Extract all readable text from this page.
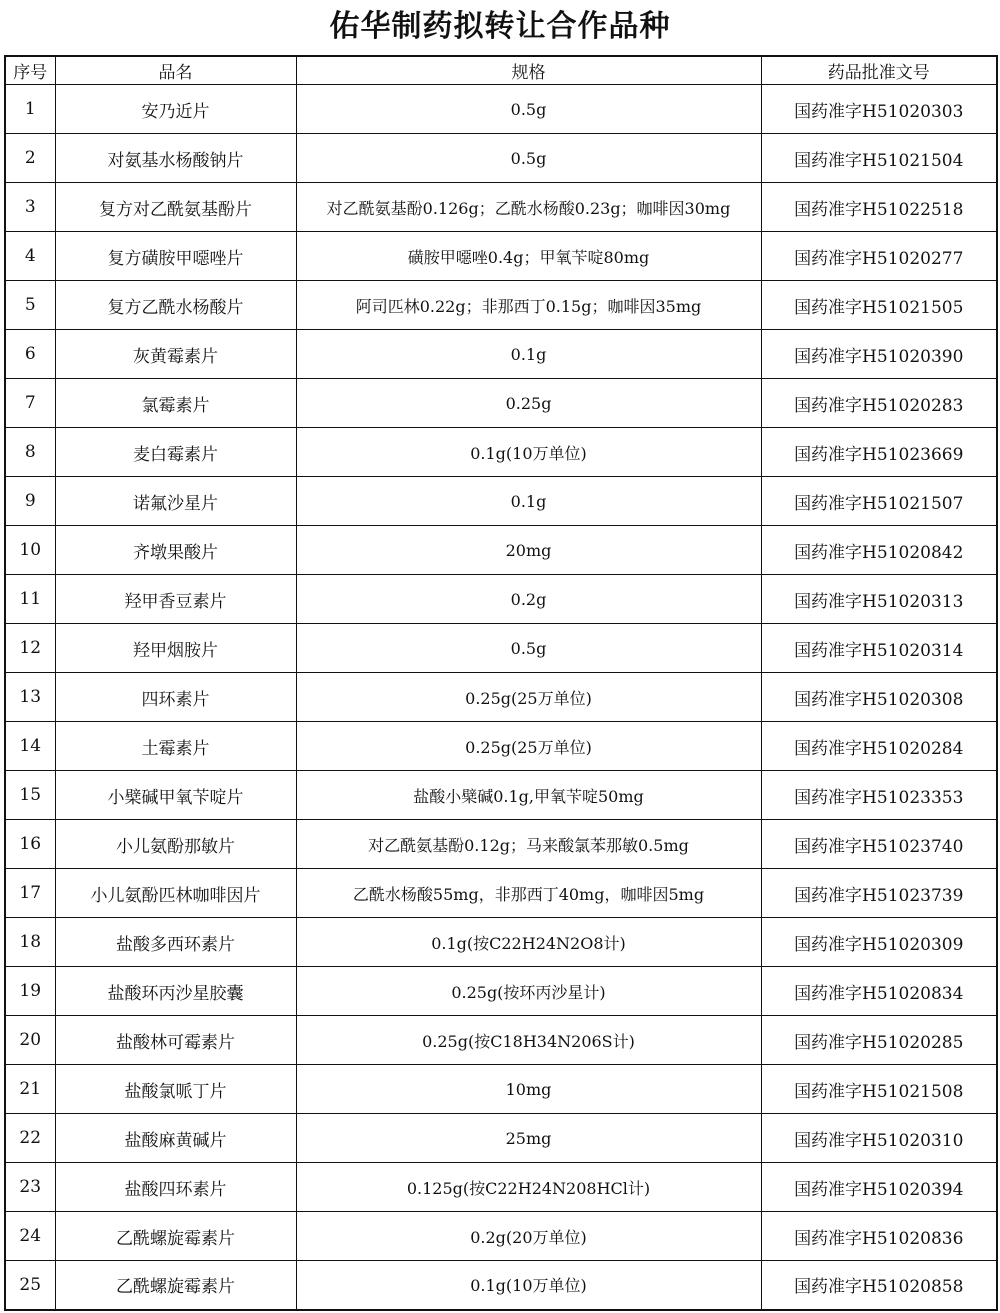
佑华制药拟转让合作品种
序号	品名	规格	药品批准文号
1	安乃近片	0.5g	国药准字H51020303
2	对氨基水杨酸钠片	0.5g	国药准字H51021504
3	复方对乙酰氨基酚片	对乙酰氨基酚0.126g；乙酰水杨酸0.23g；咖啡因30mg	国药准字H51022518
4	复方磺胺甲噁唑片	磺胺甲噁唑0.4g；甲氧苄啶80mg	国药准字H51020277
5	复方乙酰水杨酸片	阿司匹林0.22g；非那西丁0.15g；咖啡因35mg	国药准字H51021505
6	灰黄霉素片	0.1g	国药准字H51020390
7	氯霉素片	0.25g	国药准字H51020283
8	麦白霉素片	0.1g(10万单位)	国药准字H51023669
9	诺氟沙星片	0.1g	国药准字H51021507
10	齐墩果酸片	20mg	国药准字H51020842
11	羟甲香豆素片	0.2g	国药准字H51020313
12	羟甲烟胺片	0.5g	国药准字H51020314
13	四环素片	0.25g(25万单位)	国药准字H51020308
14	土霉素片	0.25g(25万单位)	国药准字H51020284
15	小檗碱甲氧苄啶片	盐酸小檗碱0.1g,甲氧苄啶50mg	国药准字H51023353
16	小儿氨酚那敏片	对乙酰氨基酚0.12g；马来酸氯苯那敏0.5mg	国药准字H51023740
17	小儿氨酚匹林咖啡因片	乙酰水杨酸55mg，非那西丁40mg，咖啡因5mg	国药准字H51023739
18	盐酸多西环素片	0.1g(按C22H24N2O8计)	国药准字H51020309
19	盐酸环丙沙星胶囊	0.25g(按环丙沙星计)	国药准字H51020834
20	盐酸林可霉素片	0.25g(按C18H34N206S计)	国药准字H51020285
21	盐酸氯哌丁片	10mg	国药准字H51021508
22	盐酸麻黄碱片	25mg	国药准字H51020310
23	盐酸四环素片	0.125g(按C22H24N208HCl计)	国药准字H51020394
24	乙酰螺旋霉素片	0.2g(20万单位)	国药准字H51020836
25	乙酰螺旋霉素片	0.1g(10万单位)	国药准字H51020858
